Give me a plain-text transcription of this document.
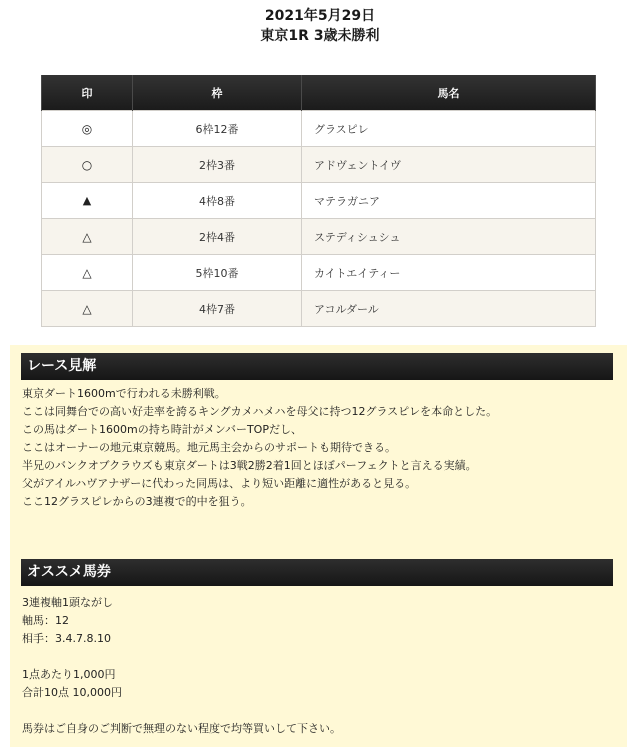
2021年5月29日
東京1R 3歳未勝利
印	枠	馬名
◎	6枠12番	グラスピレ
○	2枠3番	アドヴェントイヴ
▲	4枠8番	マテラガニア
△	2枠4番	ステディシュシュ
△	5枠10番	カイトエイティー
△	4枠7番	アコルダール
レース見解

東京ダート1600mで行われる未勝利戦。

ここは同舞台での高い好走率を誇るキングカメハメハを母父に持つ12グラスピレを本命とした。

この馬はダート1600mの持ち時計がメンバーTOPだし、

ここはオーナーの地元東京競馬。地元馬主会からのサポートも期待できる。

半兄のバンクオブクラウズも東京ダートは3戦2勝2着1回とほぼパーフェクトと言える実績。

父がアイルハヴアナザーに代わった同馬は、より短い距離に適性があると見る。

ここ12グラスピレからの3連複で的中を狙う。

オススメ馬券

3連複軸1頭ながし

軸馬：12

相手：3.4.7.8.10

1点あたり1,000円

合計10点 10,000円

馬券はご自身のご判断で無理のない程度で均等買いして下さい。
